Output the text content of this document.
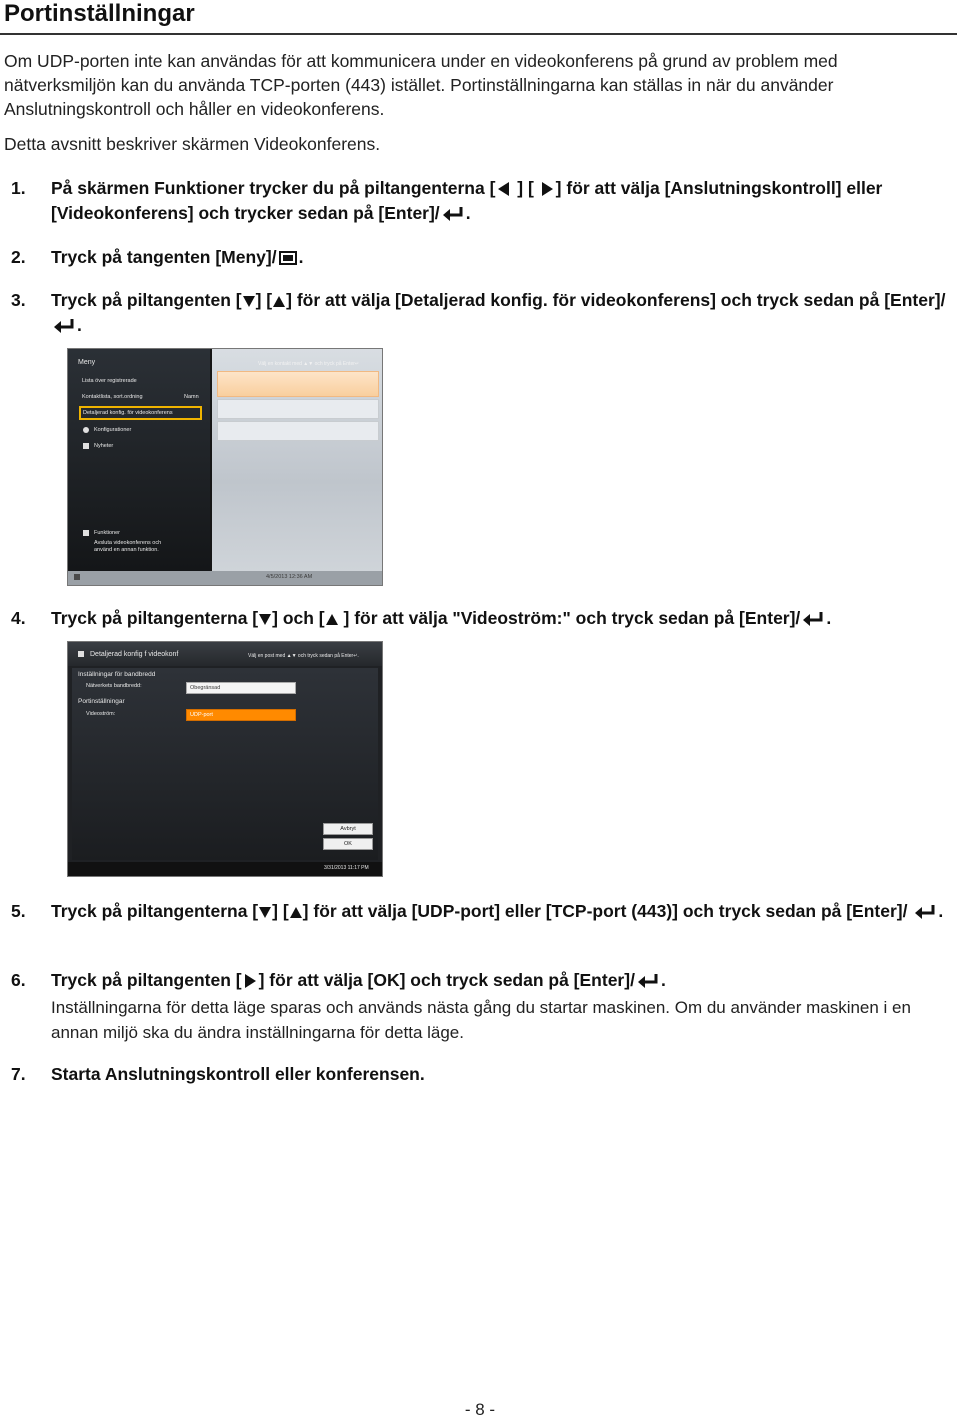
Portinställningar
Om UDP-porten inte kan användas för att kommunicera under en videokonferens på grund av problem med nätverksmiljön kan du använda TCP-porten (443) istället. Portinställningarna kan ställas in när du använder Anslutningskontroll och håller en videokonferens.
Detta avsnitt beskriver skärmen Videokonferens.
1.	På skärmen Funktioner trycker du på piltangenterna [ ] [ ] för att välja [Anslutningskontroll] eller [Videokonferens] och trycker sedan på [Enter]/ .
2.	Tryck på tangenten [Meny]/ .
3.	Tryck på piltangenten [ ] [ ] för att välja [Detaljerad konfig. för videokonferens] och tryck sedan på [Enter]/ .
Meny	Välj en kontakt med ▲▼ och tryck på Enter↵
Lista över registrerade
Kontaktlista, sort.ordning	Namn
Detaljerad konfig. för videokonferens
Konfigurationer
Nyheter
Funktioner
Avsluta videokonferens och
använd en annan funktion.
4/5/2013 12:36 AM
4.	Tryck på piltangenterna [ ] och [ ] för att välja "Videoström:" och tryck sedan på [Enter]/ .
Detaljerad konfig f videokonf	Välj en post med ▲▼ och tryck sedan på Enter↵.
Inställningar för bandbredd
Nätverkets bandbredd:	Obegränsad
Portinställningar
Videoström:	UDP-port
Avbryt
OK
3/31/2013 11:17 PM
5.	Tryck på piltangenterna [ ] [ ] för att välja [UDP-port] eller [TCP-port (443)] och tryck sedan på [Enter]/ .
6.	Tryck på piltangenten [ ] för att välja [OK] och tryck sedan på [Enter]/ .
Inställningarna för detta läge sparas och används nästa gång du startar maskinen. Om du använder maskinen i en annan miljö ska du ändra inställningarna för detta läge.
7.	Starta Anslutningskontroll eller konferensen.
- 8 -
